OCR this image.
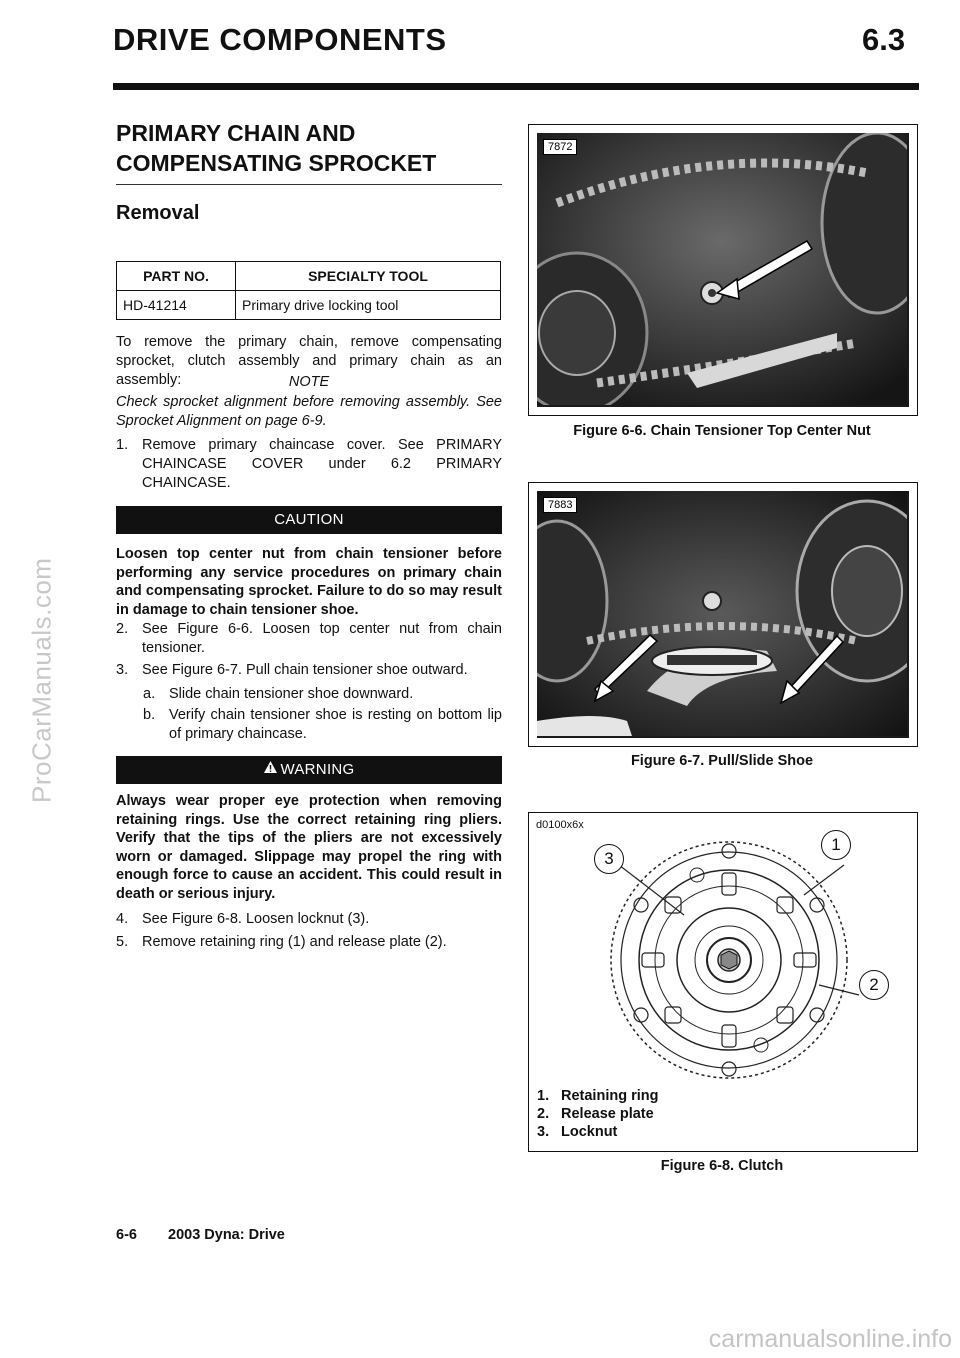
ProCarManuals.com
carmanualsonline.info
DRIVE COMPONENTS	6.3
PRIMARY CHAIN AND
COMPENSATING SPROCKET
Removal
PART NO.	SPECIALTY TOOL
HD-41214	Primary drive locking tool
To remove the primary chain, remove compensating sprocket, clutch assembly and primary chain as an assembly:	NOTE
Check sprocket alignment before removing assembly. See Sprocket Alignment on page 6-9.
1. Remove primary chaincase cover. See PRIMARY CHAINCASE COVER under 6.2 PRIMARY CHAINCASE.
CAUTION
Loosen top center nut from chain tensioner before performing any service procedures on primary chain and compensating sprocket. Failure to do so may result in damage to chain tensioner shoe.
2. See Figure 6-6. Loosen top center nut from chain tensioner.
3. See Figure 6-7. Pull chain tensioner shoe outward.
a. Slide chain tensioner shoe downward.
b. Verify chain tensioner shoe is resting on bottom lip of primary chaincase.
WARNING
Always wear proper eye protection when removing retaining rings. Use the correct retaining ring pliers. Verify that the tips of the pliers are not excessively worn or damaged. Slippage may propel the ring with enough force to cause an accident. This could result in death or serious injury.
4. See Figure 6-8. Loosen locknut (3).
5. Remove retaining ring (1) and release plate (2).
7872
Figure 6-6. Chain Tensioner Top Center Nut
7883
Figure 6-7. Pull/Slide Shoe
d0100x6x
3
1
2
1. Retaining ring
2. Release plate
3. Locknut
Figure 6-8. Clutch
6-6 2003 Dyna: Drive
